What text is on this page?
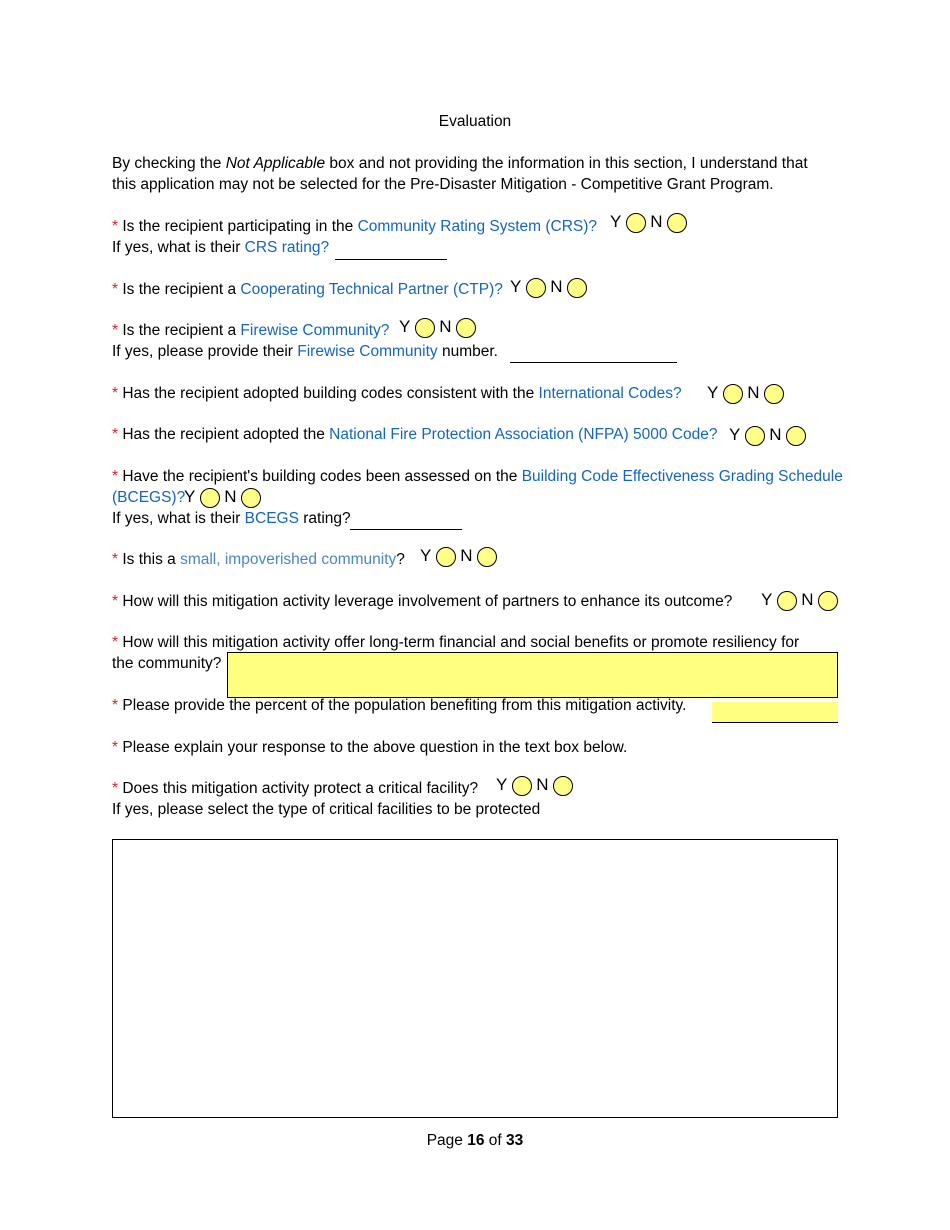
Evaluation
By checking the Not Applicable box and not providing the information in this section, I understand that this application may not be selected for the Pre-Disaster Mitigation - Competitive Grant Program.
* Is the recipient participating in the Community Rating System (CRS)? Y N
If yes, what is their CRS rating?
* Is the recipient a Cooperating Technical Partner (CTP)? Y N
* Is the recipient a Firewise Community? Y N
If yes, please provide their Firewise Community number.
* Has the recipient adopted building codes consistent with the International Codes? Y N
* Has the recipient adopted the National Fire Protection Association (NFPA) 5000 Code? Y N
* Have the recipient's building codes been assessed on the Building Code Effectiveness Grading Schedule
(BCEGS)?
Y N
If yes, what is their BCEGS rating?
* Is this a small, impoverished community? Y N
* How will this mitigation activity leverage involvement of partners to enhance its outcome? Y N
* How will this mitigation activity offer long-term financial and social benefits or promote resiliency for
the community?
* Please provide the percent of the population benefiting from this mitigation activity.
* Please explain your response to the above question in the text box below.
* Does this mitigation activity protect a critical facility? Y N
If yes, please select the type of critical facilities to be protected
Page 16 of 33
